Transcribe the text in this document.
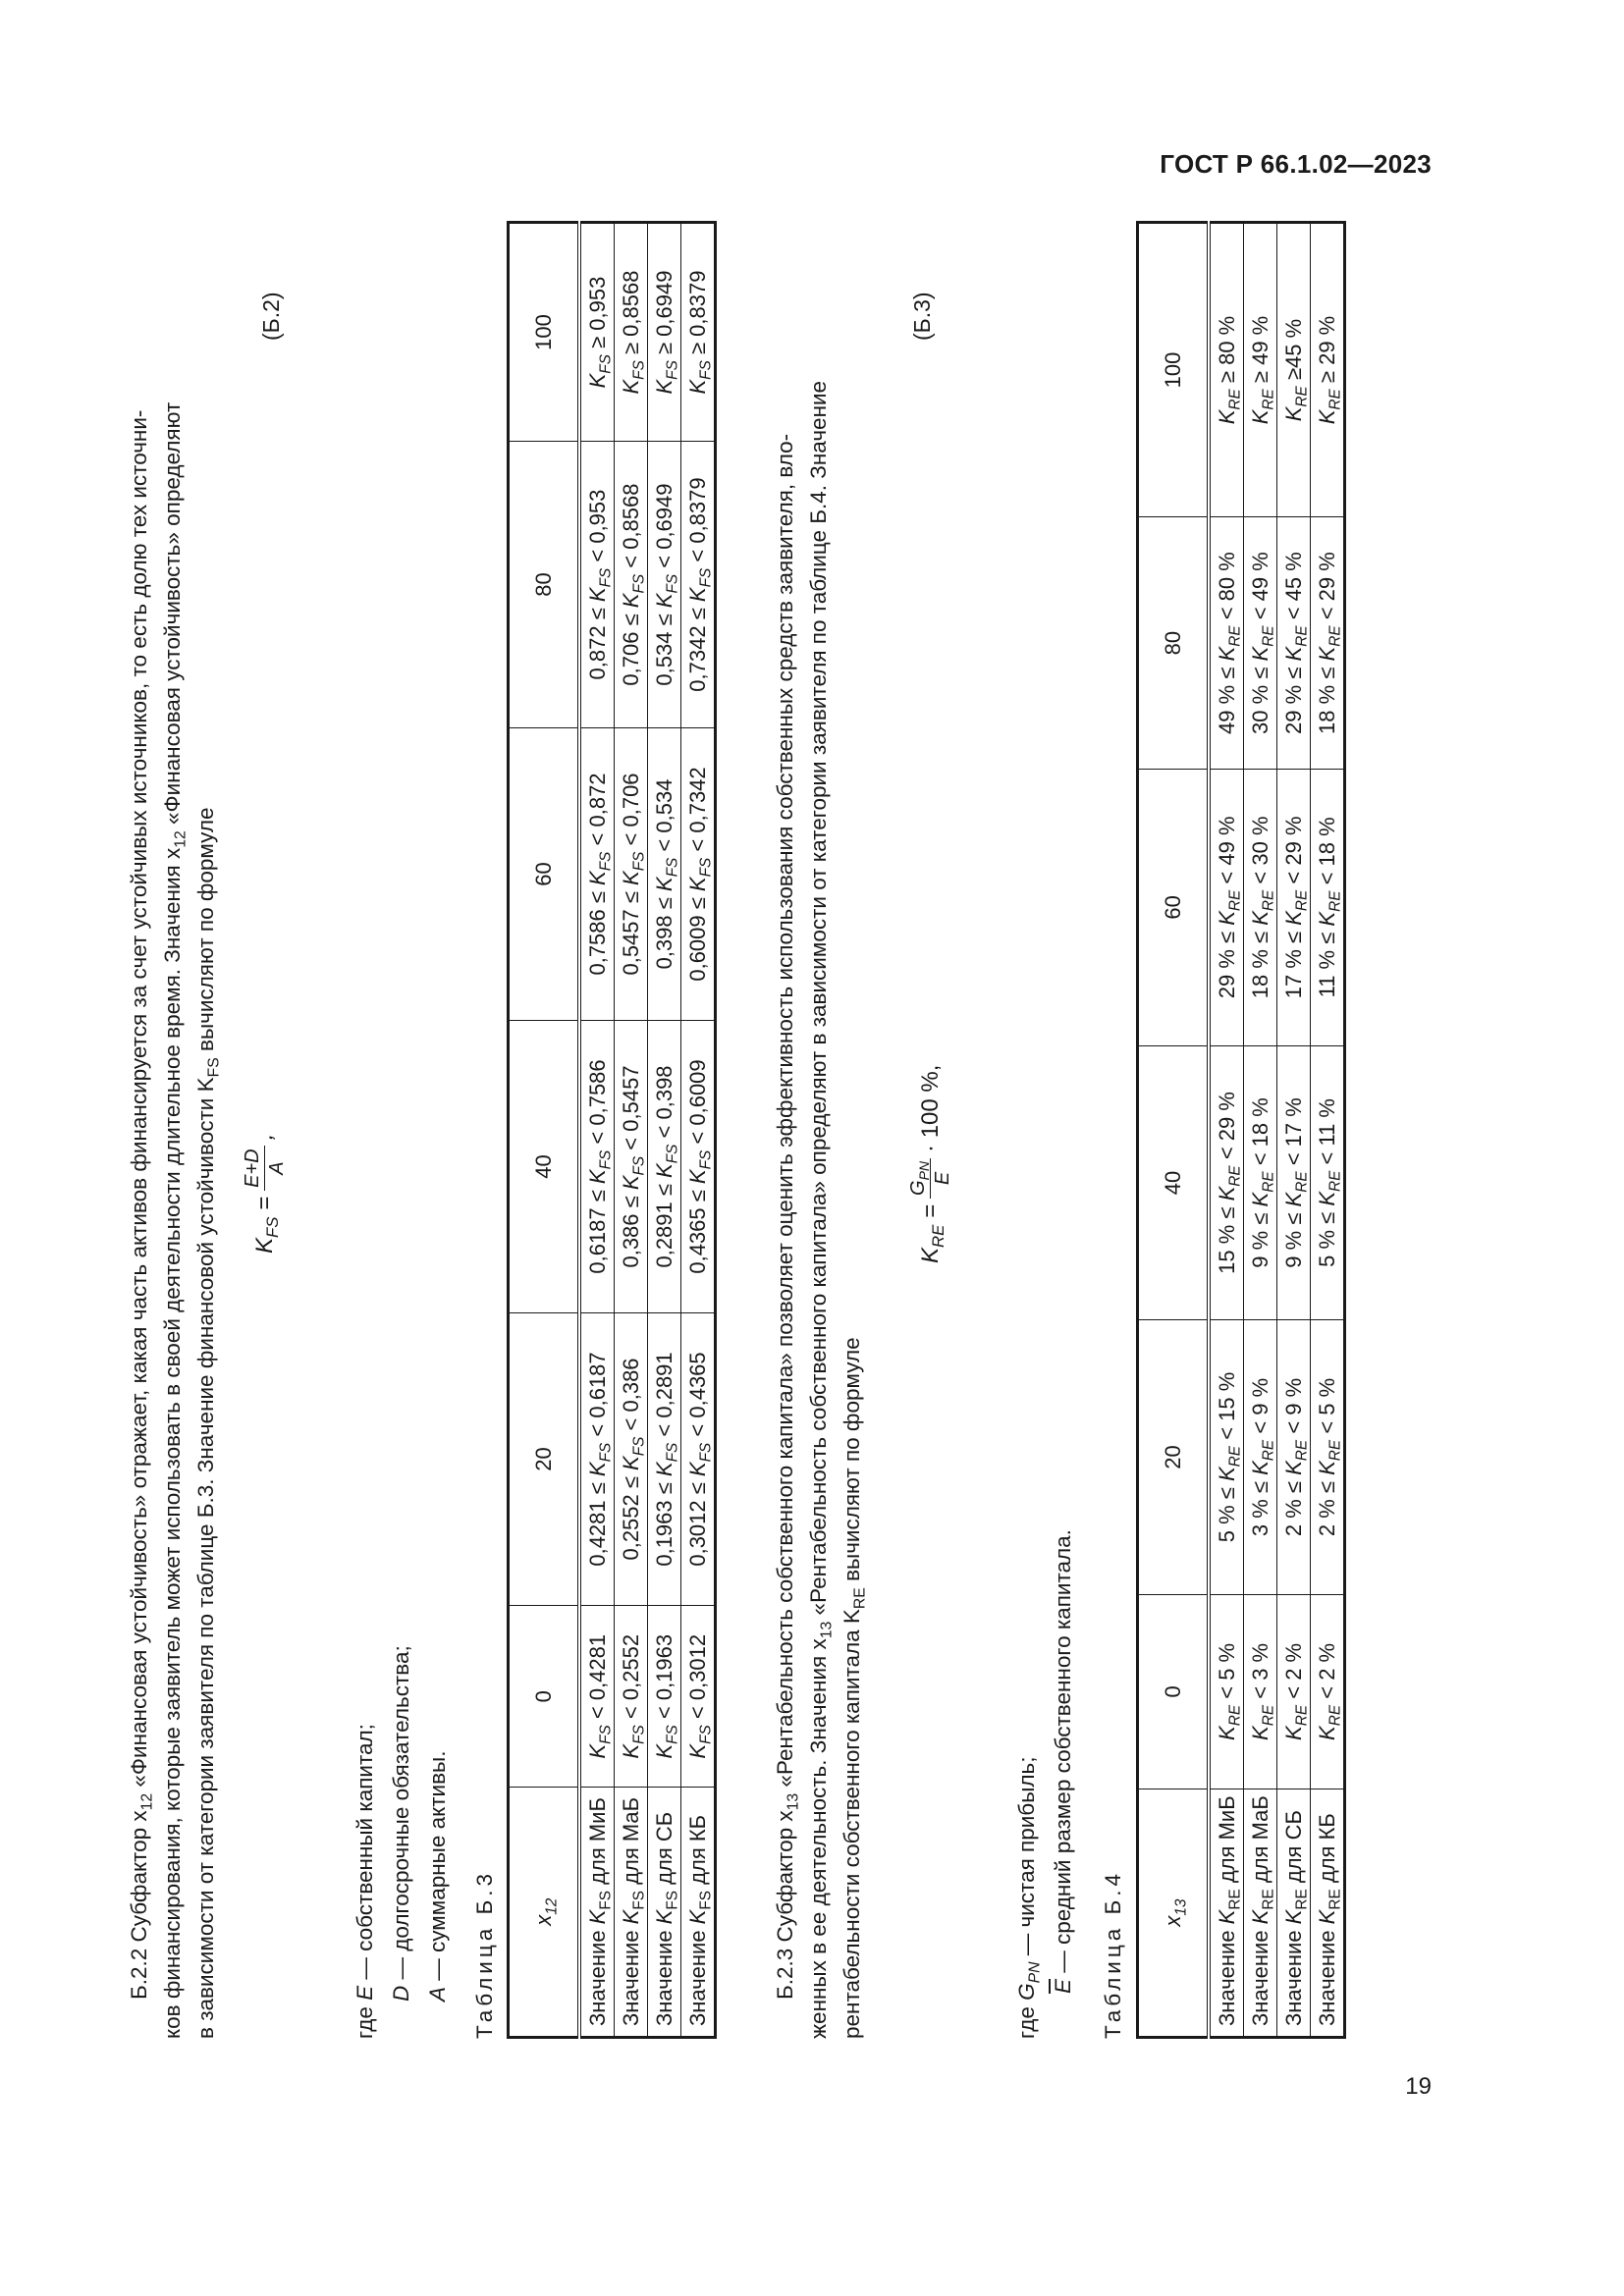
ГОСТ Р 66.1.02—2023
19

Б.2.2 Субфактор $x_{12}$ «Финансовая устойчивость» отражает, какая часть активов финансируется за счет устойчивых источников, то есть долю тех источни- ков финансирования, которые заявитель может использовать в своей деятельности длительное время. Значения $x_{12}$ «Финансовая устойчивость» определяют

в зависимости от категории заявителя по таблице Б.3. Значение финансовой устойчивости $K_{FS}$ вычисляют по формуле

$K_{FS}$ =
E+D A
,
(Б.2)

где E — собственный капитал;

D — долгосрочные обязательства;

A — суммарные активы. Таблица Б.3 $x_{12}$	0	20	40	60	80	100
Значение $K_{FS}$ для МиБ	$K_{FS} < 0,4281$	$0,4281 \le K_{FS} < 0,6187$	$0,6187 \le K_{FS} < 0,7586$	$0,7586 \le K_{FS} < 0,872$	$0,872 \le K_{FS} < 0,953$	$K_{FS} \ge 0,953$
Значение $K_{FS}$ для МаБ	$K_{FS} < 0,2552$	$0,2552 \le K_{FS} < 0,386$	$0,386 \le K_{FS} < 0,5457$	$0,5457 \le K_{FS} < 0,706$	$0,706 \le K_{FS} < 0,8568$	$K_{FS} \ge 0,8568$
Значение $K_{FS}$ для СБ	$K_{FS} < 0,1963$	$0,1963 \le K_{FS} < 0,2891$	$0,2891 \le K_{FS} < 0,398$	$0,398 \le K_{FS} < 0,534$	$0,534 \le K_{FS} < 0,6949$	$K_{FS} \ge 0,6949$
Значение $K_{FS}$ для КБ	$K_{FS} < 0,3012$	$0,3012 \le K_{FS} < 0,4365$	$0,4365 \le K_{FS} < 0,6009$	$0,6009 \le K_{FS} < 0,7342$	$0,7342 \le K_{FS} < 0,8379$	$K_{FS} \ge 0,8379$

Б.2.3 Субфактор $x_{13}$ «Рентабельность собственного капитала» позволяет оценить эффективность использования собственных средств заявителя, вло-

женных в ее деятельность. Значения $x_{13}$ «Рентабельность собственного капитала» определяют в зависимости от категории заявителя по таблице Б.4. Значение

рентабельности собственного капитала $K_{RE}$ вычисляют по формуле

$K_{RE}$ =
$G_{PN}$ E
· 100 %,
(Б.3)

где $G_{PN}$ — чистая прибыль;

$\overline{E}$ — средний размер собственного капитала. Таблица Б.4 $x_{13}$	0	20	40	60	80	100
Значение $K_{RE}$ для МиБ	$K_{RE} < 5$ %	5 % ≤ $K_{RE} < 15$ %	15 % ≤ $K_{RE} < 29$ %	29 % ≤ $K_{RE} < 49$ %	49 % ≤ $K_{RE} < 80$ %	$K_{RE} \ge 80$ %
Значение $K_{RE}$ для МаБ	$K_{RE} < 3$ %	3 % ≤ $K_{RE} < 9$ %	9 % ≤ $K_{RE} < 18$ %	18 % ≤ $K_{RE} < 30$ %	30 % ≤ $K_{RE} < 49$ %	$K_{RE} \ge 49$ %
Значение $K_{RE}$ для СБ	$K_{RE} < 2$ %	2 % ≤ $K_{RE} < 9$ %	9 % ≤ $K_{RE} < 17$ %	17 % ≤ $K_{RE} < 29$ %	29 % ≤ $K_{RE} < 45$ %	$K_{RE} \ge 45$ %
Значение $K_{RE}$ для КБ	$K_{RE} < 2$ %	2 % ≤ $K_{RE} < 5$ %	5 % ≤ $K_{RE} < 11$ %	11 % ≤ $K_{RE} < 18$ %	18 % ≤ $K_{RE} < 29$ %	$K_{RE} \ge 29$ %
